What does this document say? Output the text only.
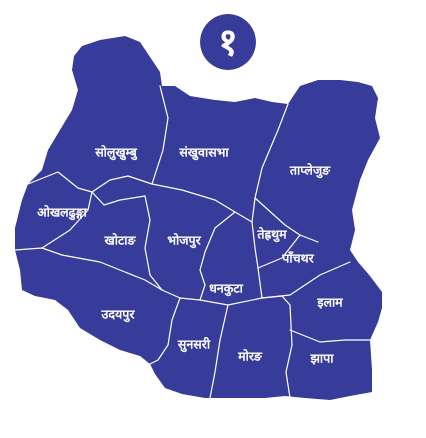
१
सोलुखुम्बु	संखुवासभा
ताप्लेजुङ
ओखलढुङ्गा
खोटाङ	भोजपुर	तेह्रथुम
पाँचथर
धनकुटा
इलाम
उदयपुर
सुनसरी
मोरङ	झापा
